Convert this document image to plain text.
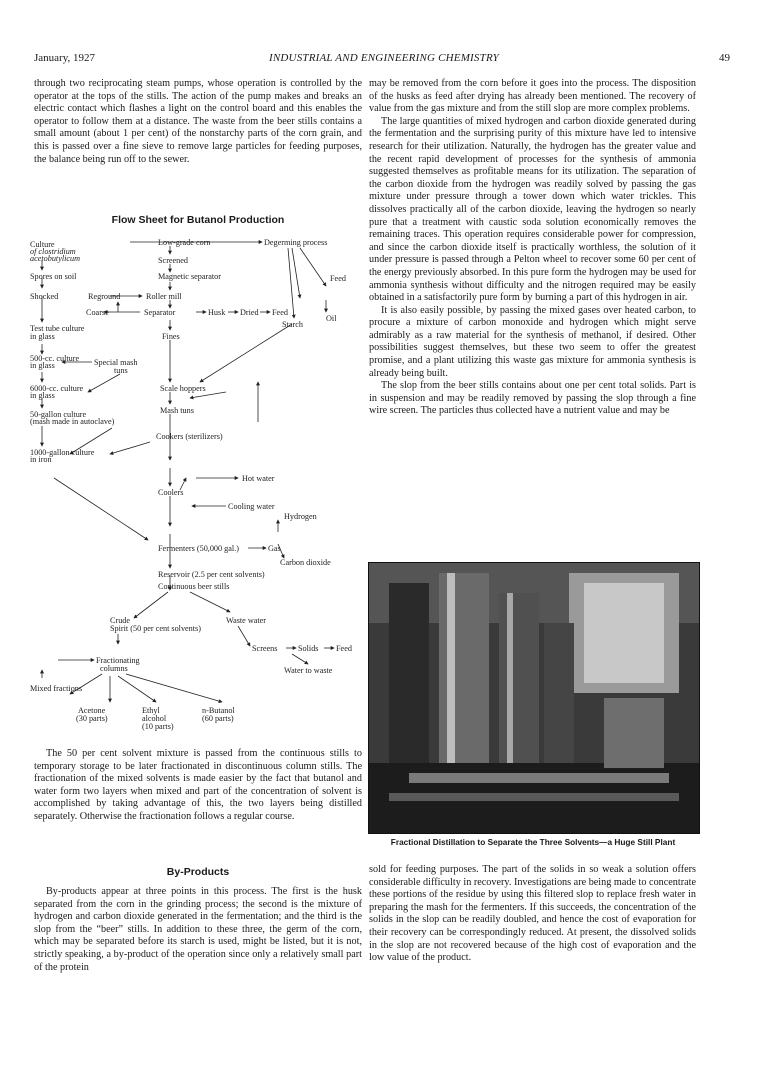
January, 1927	INDUSTRIAL AND ENGINEERING CHEMISTRY	49

through two reciprocating steam pumps, whose operation is controlled by the operator at the tops of the stills. The action of the pump makes and breaks an electric contact which flashes a light on the control board and this enables the operator to follow them at a distance. The waste from the beer stills contains a small amount (about 1 per cent) of the nonstarchy parts of the corn grain, and this is passed over a fine sieve to remove large particles for feeding purposes, the balance being run off to the sewer.

Flow Sheet for Butanol Production
Culture
of clostridium
acetobutylicum
Low-grade corn	Degerming process
Screened
Spores on soil	Magnetic separator	Feed
Shocked	Reground	Roller mill
Coarse	Separator	Husk Dried Feed
Oil
Test tube culture
in glass	Fines
Starch
500-cc. culture
in glass	Special mash
tuns
6000-cc. culture
in glass
Scale hoppers
Mash tuns
50-gallon culture
(mash made in autoclave)
Cookers (sterilizers)
1000-gallon culture
in iron
Hot water
Coolers
Cooling water
Hydrogen
Fermenters (50,000 gal.)	Gas
Carbon dioxide
Reservoir (2.5 per cent solvents)
Continuous beer stills
Crude
Spirit (50 per cent solvents)
Waste water
Screens	Solids Feed
Fractionating
columns	Water to waste
Mixed fractions
Acetone
(30 parts)
Ethyl
alcohol
(10 parts)
n-Butanol
(60 parts)

The 50 per cent solvent mixture is passed from the continuous stills to temporary storage to be later fractionated in discontinuous column stills. The fractionation of the mixed solvents is made easier by the fact that butanol and water form two layers when mixed and part of the concentration of solvent is accomplished by taking advantage of this, the two layers being distilled separately. Otherwise the fractionation follows a regular course.

By-Products

By-products appear at three points in this process. The first is the husk separated from the corn in the grinding process; the second is the mixture of hydrogen and carbon dioxide generated in the fermentation; and the third is the slop from the “beer” stills. In addition to these three, the germ of the corn, which may be separated before its starch is used, might be listed, but it is not, strictly speaking, a by-product of the operation since only a relatively small part of the protein

may be removed from the corn before it goes into the process. The disposition of the husks as feed after drying has already been mentioned. The recovery of value from the gas mixture and from the still slop are more complex problems.

The large quantities of mixed hydrogen and carbon dioxide generated during the fermentation and the surprising purity of this mixture have led to intensive research for their utilization. Naturally, the hydrogen has the greater value and the recent rapid development of processes for the synthesis of ammonia suggested themselves as profitable means for its utilization. The separation of the carbon dioxide from the hydrogen was readily solved by passing the gas mixture under pressure through a tower down which water trickles. This dissolves practically all of the carbon dioxide, leaving the hydrogen so nearly pure that a treatment with caustic soda solution economically removes the remaining traces. This operation requires considerable power for compression, and since the carbon dioxide itself is practically worthless, the solution of it under pressure is passed through a Pelton wheel to recover some 60 per cent of the energy previously absorbed. In this pure form the hydrogen may be used for ammonia synthesis without difficulty and the nitrogen required may be easily obtained in a satisfactorily pure form by burning a part of this hydrogen in air.

It is also easily possible, by passing the mixed gases over heated carbon, to procure a mixture of carbon monoxide and hydrogen which might serve admirably as a raw material for the synthesis of methanol, if desired. Other possibilities suggest themselves, but these two seem to offer the greatest promise, and a plant utilizing this waste gas mixture for ammonia synthesis is already being built.

The slop from the beer stills contains about one per cent total solids. Part is in suspension and may be readily removed by passing the slop through a fine wire screen. The particles thus collected have a nutrient value and may be

Fractional Distillation to Separate the Three Solvents—a Huge Still Plant

sold for feeding purposes. The part of the solids in so weak a solution offers considerable difficulty in recovery. Investigations are being made to concentrate these portions of the residue by using this filtered slop to replace fresh water in preparing the mash for the fermenters. If this succeeds, the concentration of the solids in the slop can be readily doubled, and hence the cost of evaporation for their recovery can be correspondingly reduced. At present, the dissolved solids in the slop are not recovered because of the high cost of evaporation and the low value of the product.
